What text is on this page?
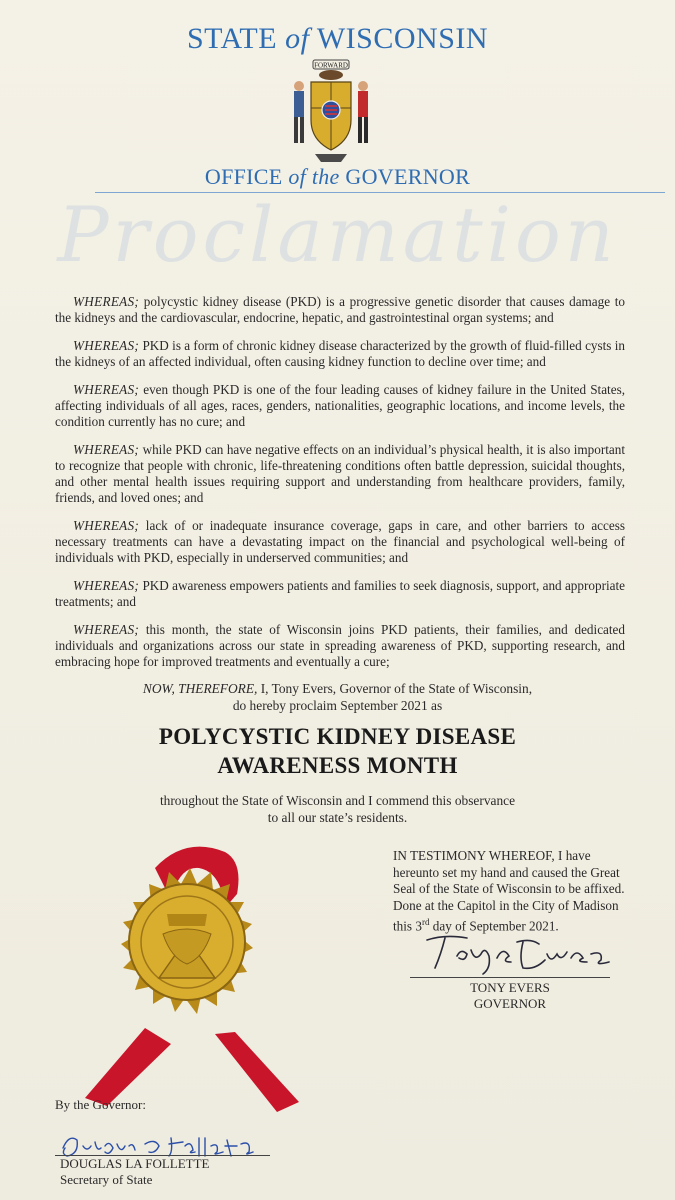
STATE of WISCONSIN
FORWARD
OFFICE of the GOVERNOR
Proclamation

WHEREAS; polycystic kidney disease (PKD) is a progressive genetic disorder that causes damage to the kidneys and the cardiovascular, endocrine, hepatic, and gastrointestinal organ systems; and

WHEREAS; PKD is a form of chronic kidney disease characterized by the growth of fluid-filled cysts in the kidneys of an affected individual, often causing kidney function to decline over time; and

WHEREAS; even though PKD is one of the four leading causes of kidney failure in the United States, affecting individuals of all ages, races, genders, nationalities, geographic locations, and income levels, the condition currently has no cure; and

WHEREAS; while PKD can have negative effects on an individual’s physical health, it is also important to recognize that people with chronic, life-threatening conditions often battle depression, suicidal thoughts, and other mental health issues requiring support and understanding from healthcare providers, family, friends, and loved ones; and

WHEREAS; lack of or inadequate insurance coverage, gaps in care, and other barriers to access necessary treatments can have a devastating impact on the financial and psychological well-being of individuals with PKD, especially in underserved communities; and

WHEREAS; PKD awareness empowers patients and families to seek diagnosis, support, and appropriate treatments; and

WHEREAS; this month, the state of Wisconsin joins PKD patients, their families, and dedicated individuals and organizations across our state in spreading awareness of PKD, supporting research, and embracing hope for improved treatments and eventually a cure;

NOW, THEREFORE, I, Tony Evers, Governor of the State of Wisconsin,
do hereby proclaim September 2021 as
POLYCYSTIC KIDNEY DISEASE
AWARENESS MONTH
throughout the State of Wisconsin and I commend this observance
to all our state’s residents.
IN TESTIMONY WHEREOF, I have hereunto set my hand and caused the Great Seal of the State of Wisconsin to be affixed. Done at the Capitol in the City of Madison this 3rd day of September 2021.
TONY EVERS
GOVERNOR
By the Governor:
DOUGLAS LA FOLLETTE
Secretary of State
